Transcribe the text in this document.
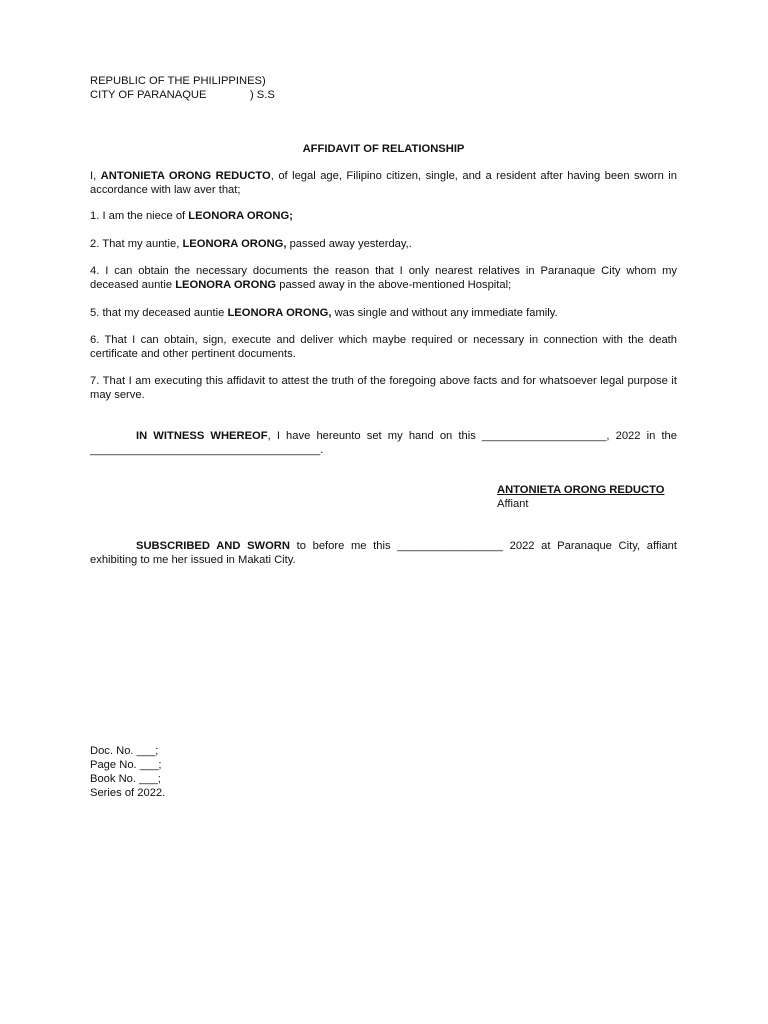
REPUBLIC OF THE PHILIPPINES)
CITY OF PARANAQUE              ) S.S
AFFIDAVIT OF RELATIONSHIP

I, ANTONIETA ORONG REDUCTO, of legal age, Filipino citizen, single, and a resident after having been sworn in accordance with law aver that;

1. I am the niece of LEONORA ORONG;

2. That my auntie, LEONORA ORONG, passed away yesterday,.

4. I can obtain the necessary documents the reason that I only nearest relatives in Paranaque City whom my deceased auntie LEONORA ORONG passed away in the above-mentioned Hospital;

5. that my deceased auntie LEONORA ORONG, was single and without any immediate family.

6. That I can obtain, sign, execute and deliver which maybe required or necessary in connection with the death certificate and other pertinent documents.

7. That I am executing this affidavit to attest the truth of the foregoing above facts and for whatsoever legal purpose it may serve.

IN WITNESS WHEREOF, I have hereunto set my hand on this ____________________, 2022 in the _____________________________________.

ANTONIETA ORONG REDUCTO
Affiant

SUBSCRIBED AND SWORN to before me this _________________ 2022 at Paranaque City, affiant exhibiting to me her issued in Makati City.

Doc. No. ___;
Page No. ___;
Book No. ___;
Series of 2022.
